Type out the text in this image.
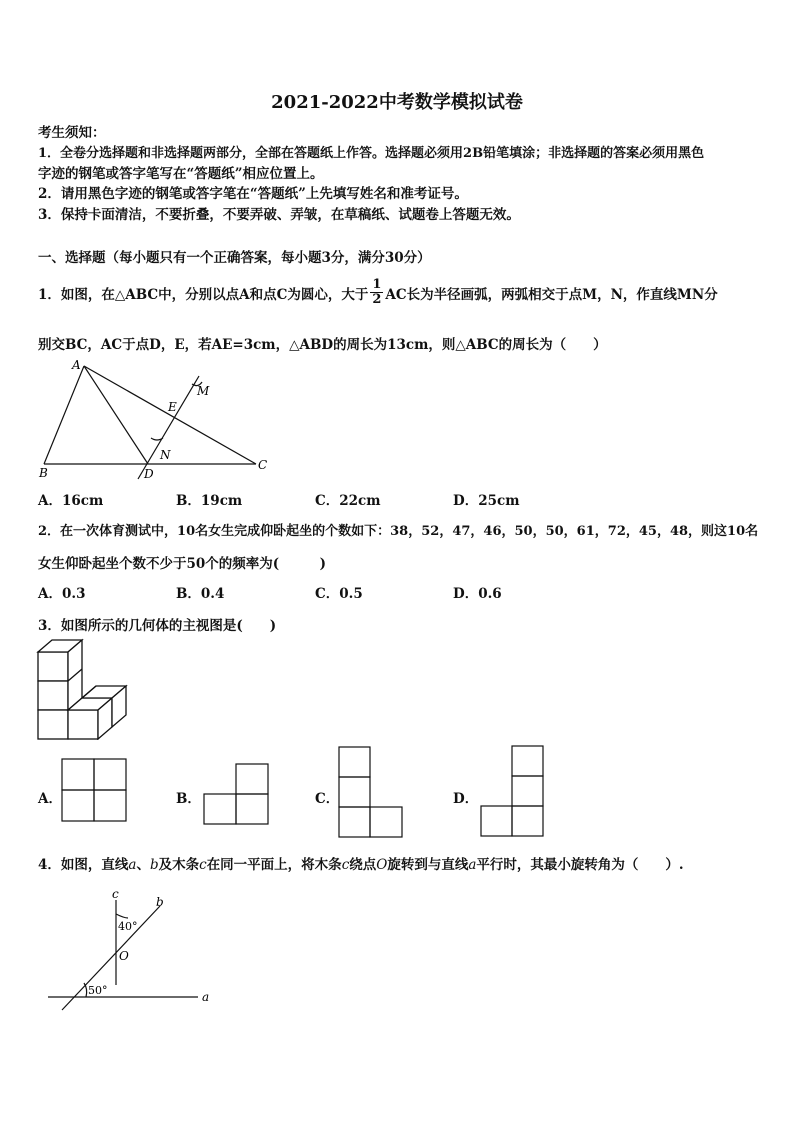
2021-2022中考数学模拟试卷
考生须知：
1．全卷分选择题和非选择题两部分，全部在答题纸上作答。选择题必须用2B铅笔填涂；非选择题的答案必须用黑色
字迹的钢笔或答字笔写在“答题纸”相应位置上。
2．请用黑色字迹的钢笔或答字笔在“答题纸”上先填写姓名和准考证号。
3．保持卡面清洁，不要折叠，不要弄破、弄皱，在草稿纸、试题卷上答题无效。
一、选择题（每小题只有一个正确答案，每小题3分，满分30分）
1．如图，在△ABC中，分别以点A和点C为圆心，大于 $\frac{1}{2}$ AC长为半径画弧，两弧相交于点M，N，作直线MN分
别交BC，AC于点D，E，若AE=3cm，△ABD的周长为13cm，则△ABC的周长为（　　）
A
B
C
D
E
M
N
A．16cm	B．19cm	C．22cm	D．25cm
2．在一次体育测试中，10名女生完成仰卧起坐的个数如下：38，52，47，46，50，50，61，72，45，48，则这10名
女生仰卧起坐个数不少于50个的频率为(　　　)
A．0.3	B．0.4	C．0.5	D．0.6
3．如图所示的几何体的主视图是(　　)
A．	B．	C．	D．
4．如图，直线a、b及木条c在同一平面上，将木条c绕点O旋转到与直线a平行时，其最小旋转角为（　　）.
c
b
a
O
40°
50°
